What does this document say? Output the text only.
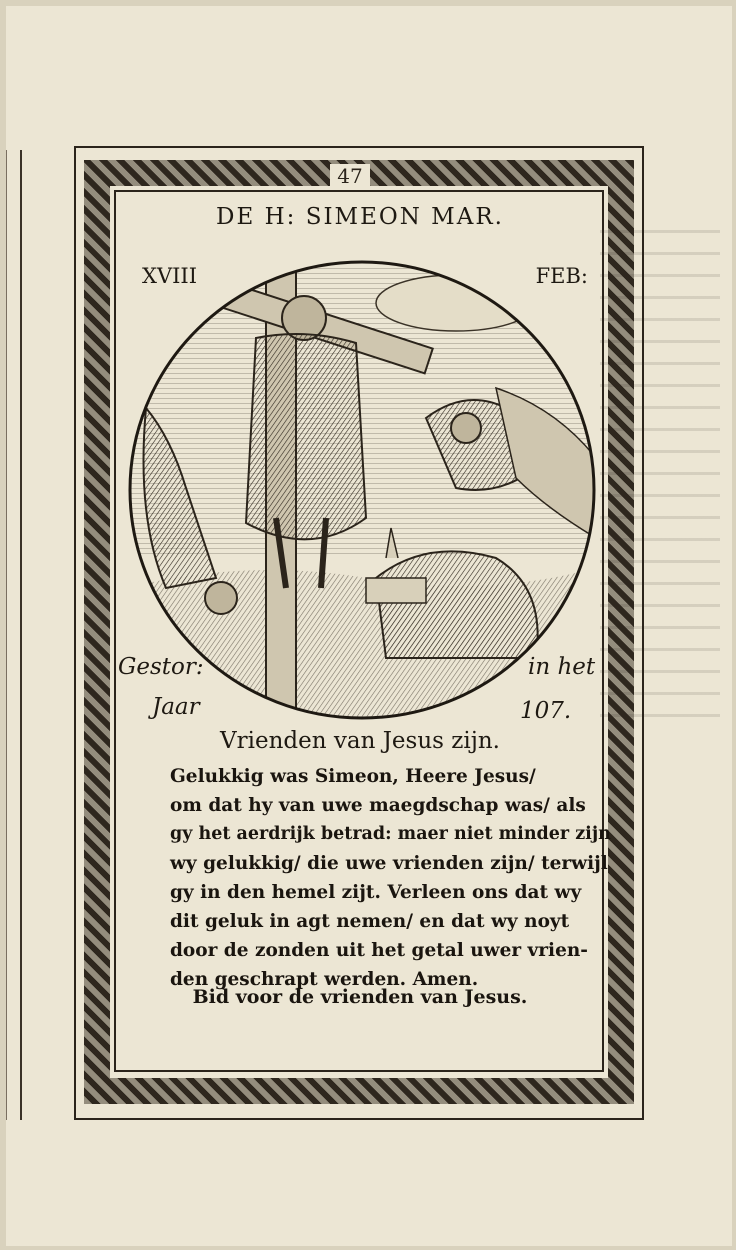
47
DE H: SIMEON MAR.
XVIII	FEB:
Gestor:	in het
Jaar	107.
Vrienden van Jesus zijn.
Gelukkig was Simeon, Heere Jesus/
om dat hy van uwe maegdschap was/ als
gy het aerdrijk betrad: maer niet minder zijn
wy gelukkig/ die uwe vrienden zijn/ terwijl
gy in den hemel zijt. Verleen ons dat wy
dit geluk in agt nemen/ en dat wy noyt
door de zonden uit het getal uwer vrien-
den geschrapt werden. Amen.
Bid voor de vrienden van Jesus.
